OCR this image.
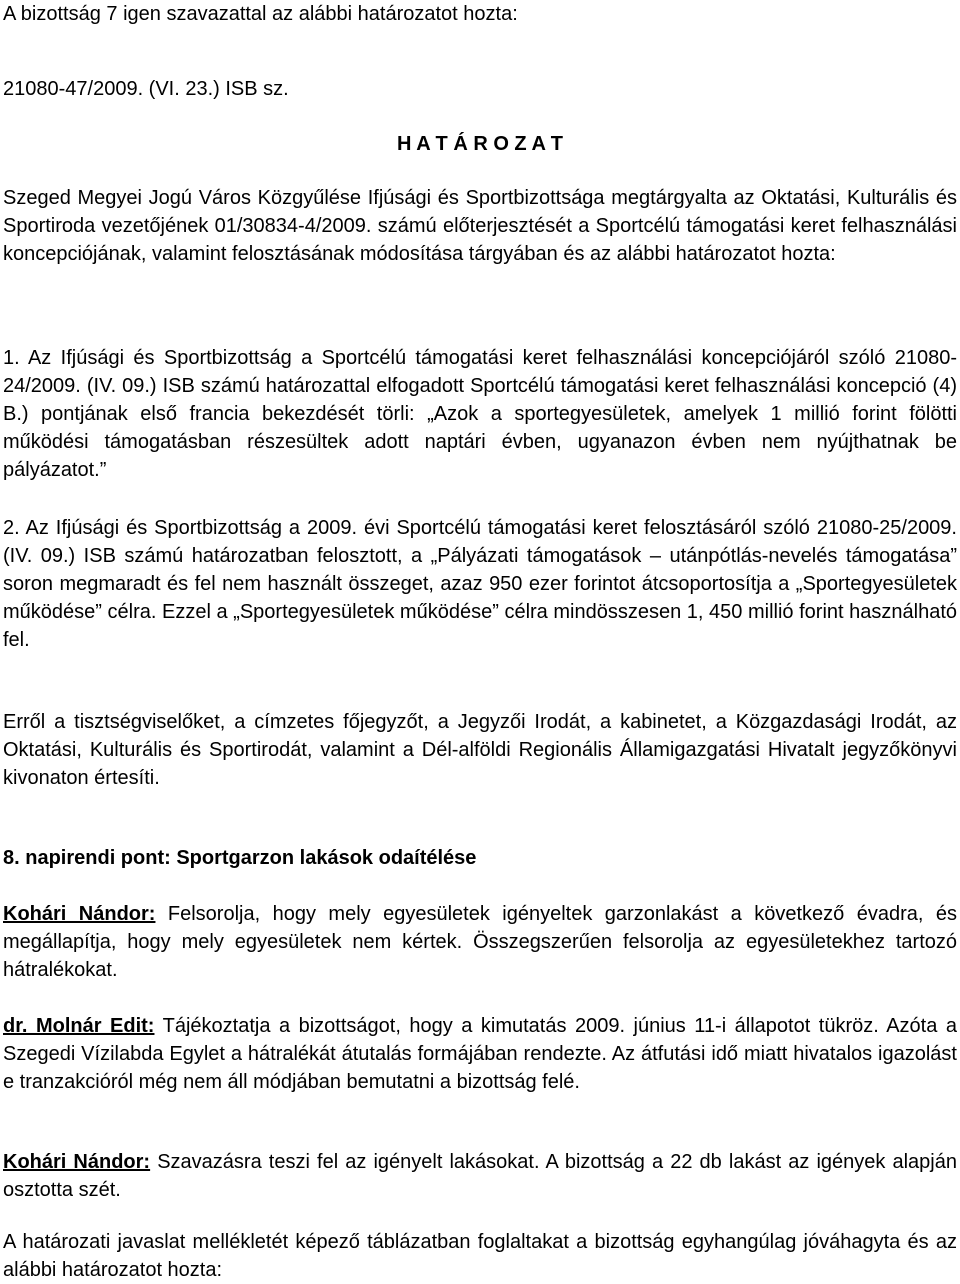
A bizottság 7 igen szavazattal az alábbi határozatot hozta:

21080-47/2009. (VI. 23.) ISB sz.

H A T Á R O Z A T

Szeged Megyei Jogú Város Közgyűlése Ifjúsági és Sportbizottsága megtárgyalta az Oktatási, Kulturális és Sportiroda vezetőjének 01/30834-4/2009. számú előterjesztését a Sportcélú támogatási keret felhasználási koncepciójának, valamint felosztásának módosítása tárgyában és az alábbi határozatot hozta:

1. Az Ifjúsági és Sportbizottság a Sportcélú támogatási keret felhasználási koncepciójáról szóló 21080-24/2009. (IV. 09.) ISB számú határozattal elfogadott Sportcélú támogatási keret felhasználási koncepció (4) B.) pontjának első francia bekezdését törli: „Azok a sportegyesületek, amelyek 1 millió forint fölötti működési támogatásban részesültek adott naptári évben, ugyanazon évben nem nyújthatnak be pályázatot.”

2. Az Ifjúsági és Sportbizottság a 2009. évi Sportcélú támogatási keret felosztásáról szóló 21080-25/2009. (IV. 09.) ISB számú határozatban felosztott, a „Pályázati támogatások – utánpótlás-nevelés támogatása” soron megmaradt és fel nem használt összeget, azaz 950 ezer forintot átcsoportosítja a „Sportegyesületek működése” célra. Ezzel a „Sportegyesületek működése” célra mindösszesen 1, 450 millió forint használható fel.

Erről a tisztségviselőket, a címzetes főjegyzőt, a Jegyzői Irodát, a kabinetet, a Közgazdasági Irodát, az Oktatási, Kulturális és Sportirodát, valamint a Dél-alföldi Regionális Államigazgatási Hivatalt jegyzőkönyvi kivonaton értesíti.

8. napirendi pont: Sportgarzon lakások odaítélése

Kohári Nándor: Felsorolja, hogy mely egyesületek igényeltek garzonlakást a következő évadra, és megállapítja, hogy mely egyesületek nem kértek. Összegszerűen felsorolja az egyesületekhez tartozó hátralékokat.

dr. Molnár Edit: Tájékoztatja a bizottságot, hogy a kimutatás 2009. június 11-i állapotot tükröz. Azóta a Szegedi Vízilabda Egylet a hátralékát átutalás formájában rendezte. Az átfutási idő miatt hivatalos igazolást e tranzakcióról még nem áll módjában bemutatni a bizottság felé.

Kohári Nándor: Szavazásra teszi fel az igényelt lakásokat. A bizottság a 22 db lakást az igények alapján osztotta szét.

A határozati javaslat mellékletét képező táblázatban foglaltakat a bizottság egyhangúlag jóváhagyta és az alábbi határozatot hozta:
